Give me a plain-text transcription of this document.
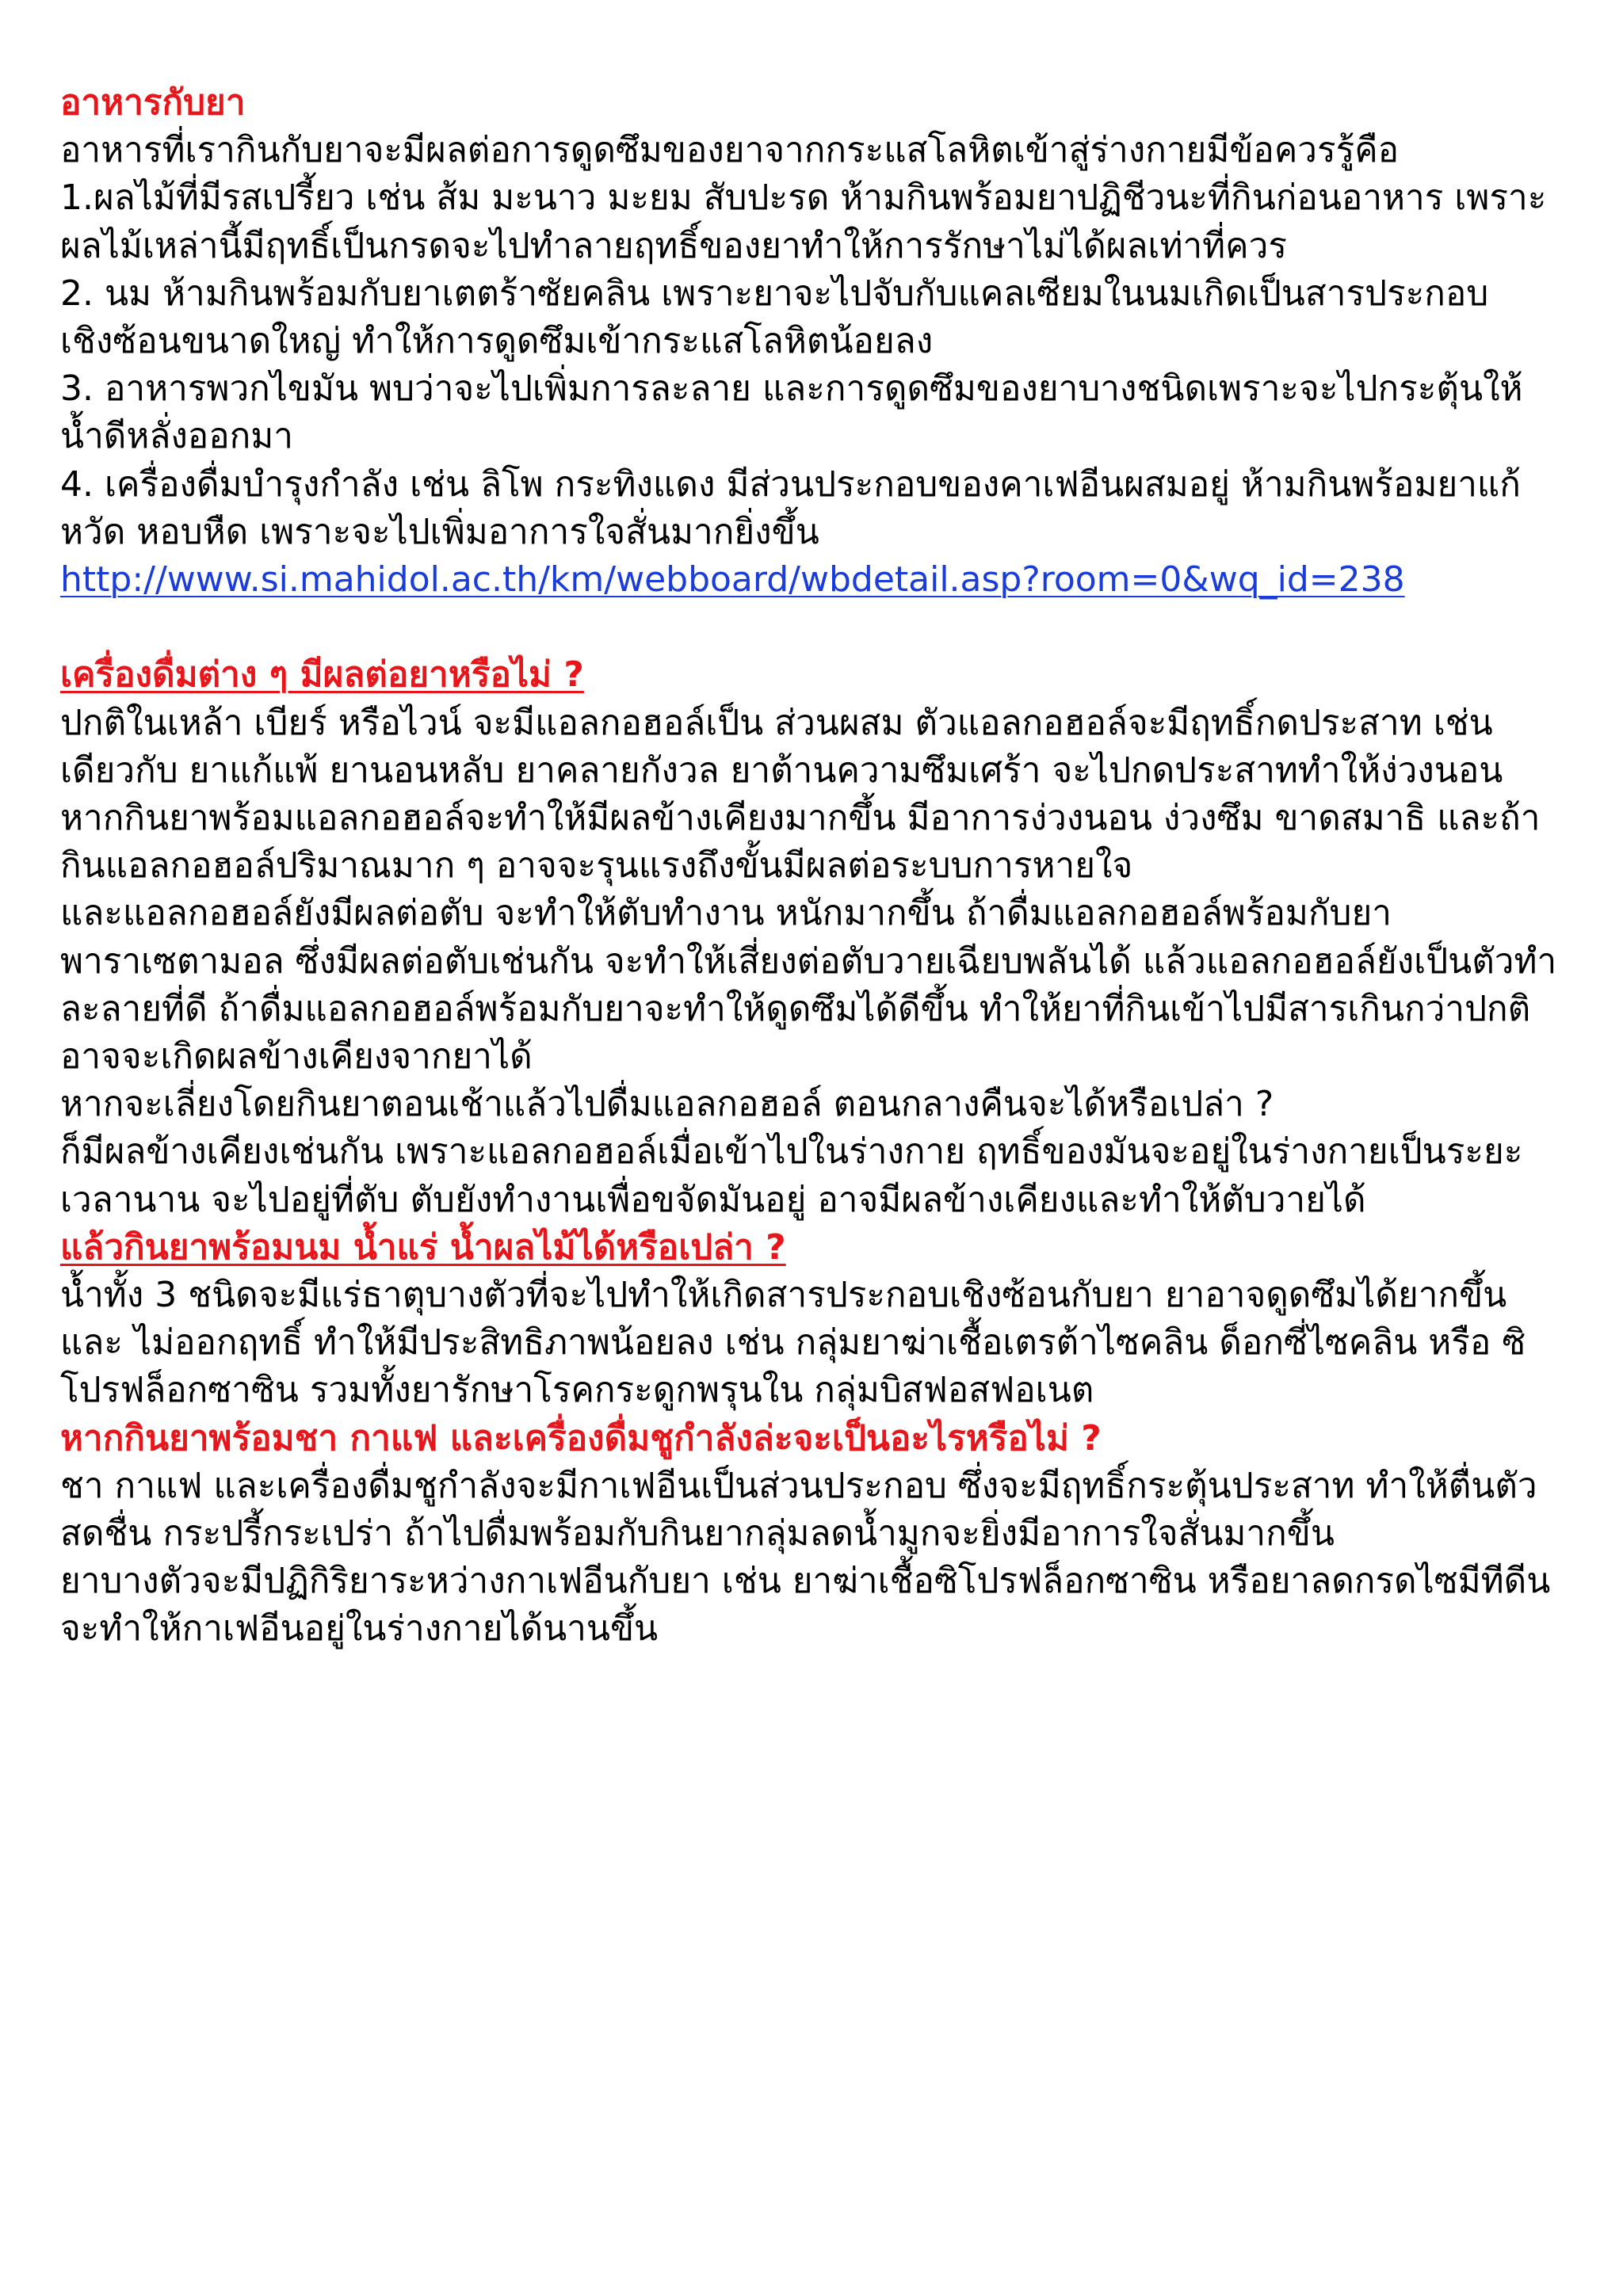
อาหารกับยา

อาหารที่เรากินกับยาจะมีผลต่อการดูดซึมของยาจากกระแสโลหิตเข้าสู่ร่างกายมีข้อควรรู้คือ

1.ผลไม้ที่มีรสเปรี้ยว เช่น ส้ม มะนาว มะยม สับปะรด ห้ามกินพร้อมยาปฏิชีวนะที่กินก่อนอาหาร เพราะผลไม้เหล่านี้มีฤทธิ์เป็นกรดจะไปทำลายฤทธิ์ของยาทำให้การรักษาไม่ได้ผลเท่าที่ควร

2. นม ห้ามกินพร้อมกับยาเตตร้าซัยคลิน เพราะยาจะไปจับกับแคลเซียมในนมเกิดเป็นสารประกอบเชิงซ้อนขนาดใหญ่ ทำให้การดูดซึมเข้ากระแสโลหิตน้อยลง

3. อาหารพวกไขมัน พบว่าจะไปเพิ่มการละลาย และการดูดซึมของยาบางชนิดเพราะจะไปกระตุ้นให้น้ำดีหลั่งออกมา

4. เครื่องดื่มบำรุงกำลัง เช่น ลิโพ กระทิงแดง มีส่วนประกอบของคาเฟอีนผสมอยู่ ห้ามกินพร้อมยาแก้หวัด หอบหืด เพราะจะไปเพิ่มอาการใจสั่นมากยิ่งขึ้น

http://www.si.mahidol.ac.th/km/webboard/wbdetail.asp?room=0&wq_id=238

เครื่องดื่มต่าง ๆ มีผลต่อยาหรือไม่ ?

ปกติในเหล้า เบียร์ หรือไวน์ จะมีแอลกอฮอล์เป็น ส่วนผสม ตัวแอลกอฮอล์จะมีฤทธิ์กดประสาท เช่นเดียวกับ ยาแก้แพ้ ยานอนหลับ ยาคลายกังวล ยาต้านความซึมเศร้า จะไปกดประสาททำให้ง่วงนอน หากกินยาพร้อมแอลกอฮอล์จะทำให้มีผลข้างเคียงมากขึ้น มีอาการง่วงนอน ง่วงซึม ขาดสมาธิ และถ้ากินแอลกอฮอล์ปริมาณมาก ๆ อาจจะรุนแรงถึงขั้นมีผลต่อระบบการหายใจ

และแอลกอฮอล์ยังมีผลต่อตับ จะทำให้ตับทำงาน หนักมากขึ้น ถ้าดื่มแอลกอฮอล์พร้อมกับยาพาราเซตามอล ซึ่งมีผลต่อตับเช่นกัน จะทำให้เสี่ยงต่อตับวายเฉียบพลันได้ แล้วแอลกอฮอล์ยังเป็นตัวทำละลายที่ดี ถ้าดื่มแอลกอฮอล์พร้อมกับยาจะทำให้ดูดซึมได้ดีขึ้น ทำให้ยาที่กินเข้าไปมีสารเกินกว่าปกติ อาจจะเกิดผลข้างเคียงจากยาได้

หากจะเลี่ยงโดยกินยาตอนเช้าแล้วไปดื่มแอลกอฮอล์ ตอนกลางคืนจะได้หรือเปล่า ?

ก็มีผลข้างเคียงเช่นกัน เพราะแอลกอฮอล์เมื่อเข้าไปในร่างกาย ฤทธิ์ของมันจะอยู่ในร่างกายเป็นระยะเวลานาน จะไปอยู่ที่ตับ ตับยังทำงานเพื่อขจัดมันอยู่ อาจมีผลข้างเคียงและทำให้ตับวายได้

แล้วกินยาพร้อมนม น้ำแร่ น้ำผลไม้ได้หรือเปล่า ?

น้ำทั้ง 3 ชนิดจะมีแร่ธาตุบางตัวที่จะไปทำให้เกิดสารประกอบเชิงซ้อนกับยา ยาอาจดูดซึมได้ยากขึ้นและ ไม่ออกฤทธิ์ ทำให้มีประสิทธิภาพน้อยลง เช่น กลุ่มยาฆ่าเชื้อเตรต้าไซคลิน ด็อกซี่ไซคลิน หรือ ซิโปรฟล็อกซาซิน รวมทั้งยารักษาโรคกระดูกพรุนใน กลุ่มบิสฟอสฟอเนต

หากกินยาพร้อมชา กาแฟ และเครื่องดื่มชูกำลังล่ะจะเป็นอะไรหรือไม่ ?

ชา กาแฟ และเครื่องดื่มชูกำลังจะมีกาเฟอีนเป็นส่วนประกอบ ซึ่งจะมีฤทธิ์กระตุ้นประสาท ทำให้ตื่นตัว สดชื่น กระปรี้กระเปร่า ถ้าไปดื่มพร้อมกับกินยากลุ่มลดน้ำมูกจะยิ่งมีอาการใจสั่นมากขึ้น

ยาบางตัวจะมีปฏิกิริยาระหว่างกาเฟอีนกับยา เช่น ยาฆ่าเชื้อซิโปรฟล็อกซาซิน หรือยาลดกรดไซมีทีดีนจะทำให้กาเฟอีนอยู่ในร่างกายได้นานขึ้น
